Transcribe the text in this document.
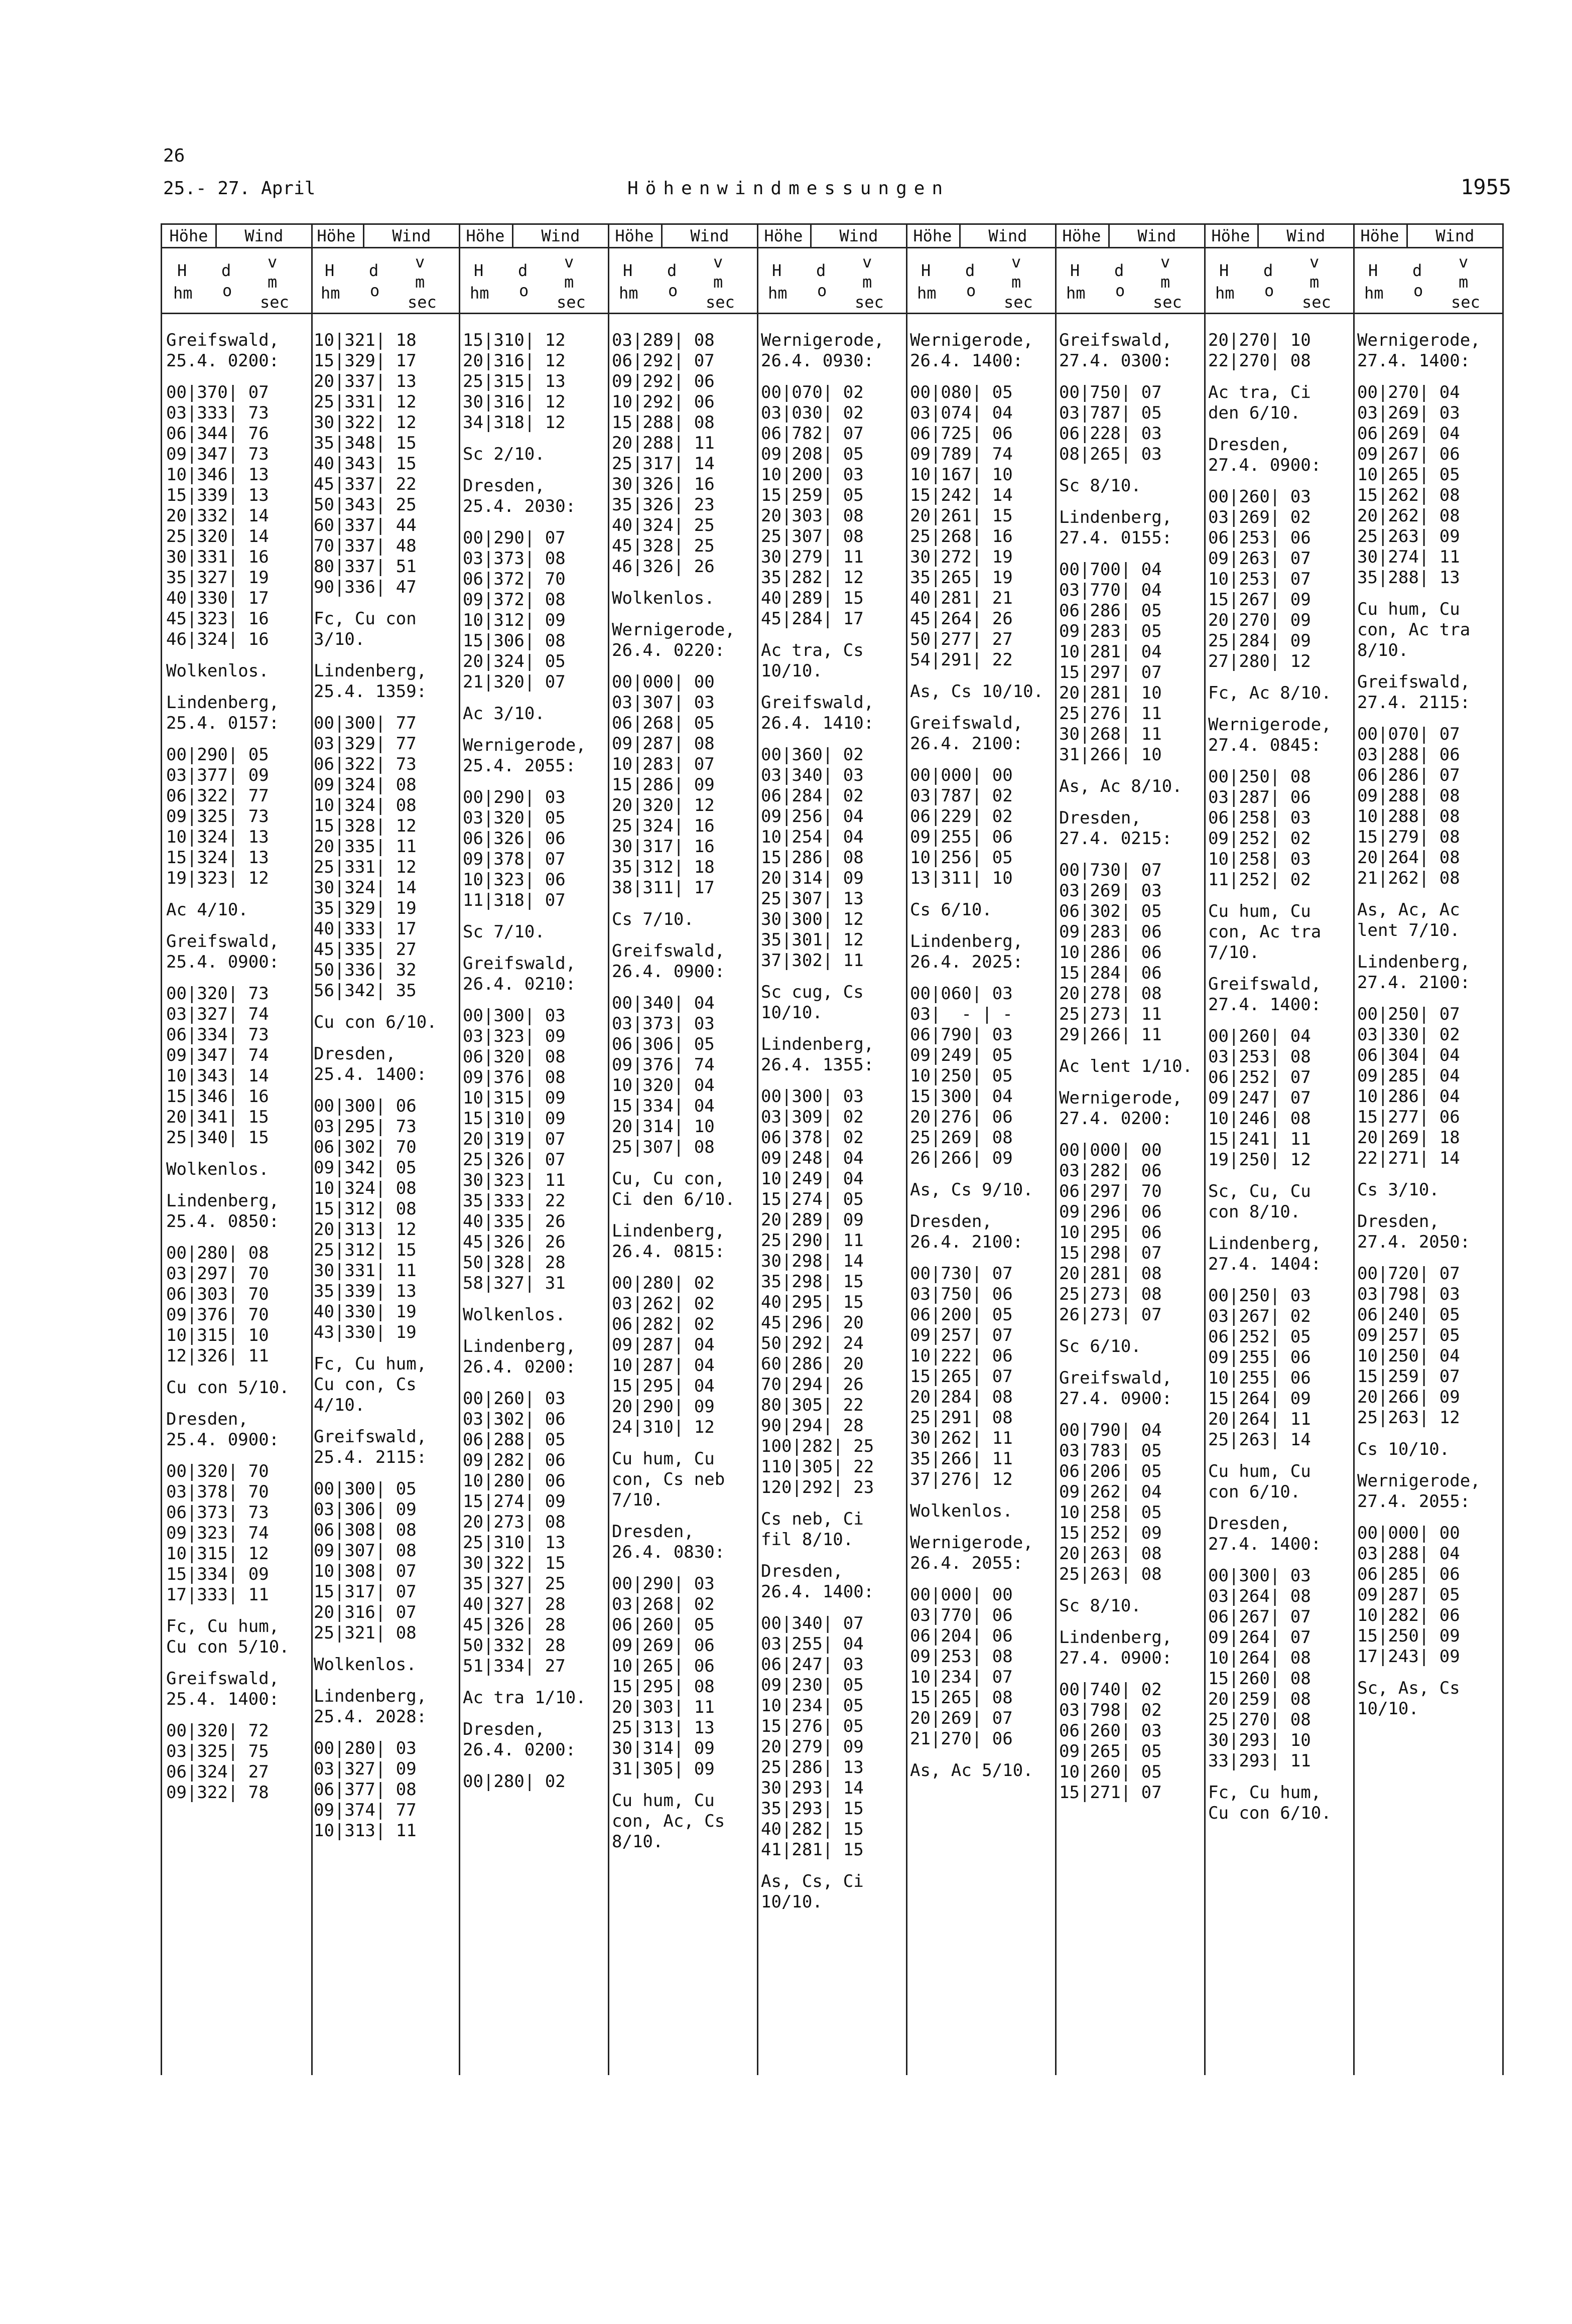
26
25.- 27. April	Höhenwindmessungen	1955
Höhe	Wind
H
hm
d
o
v
m
sec
Greifswald,
25.4. 0200:
00|370| 07
03|333| 73
06|344| 76
09|347| 73
10|346| 13
15|339| 13
20|332| 14
25|320| 14
30|331| 16
35|327| 19
40|330| 17
45|323| 16
46|324| 16
Wolkenlos.
Lindenberg,
25.4. 0157:
00|290| 05
03|377| 09
06|322| 77
09|325| 73
10|324| 13
15|324| 13
19|323| 12
Ac 4/10.
Greifswald,
25.4. 0900:
00|320| 73
03|327| 74
06|334| 73
09|347| 74
10|343| 14
15|346| 16
20|341| 15
25|340| 15
Wolkenlos.
Lindenberg,
25.4. 0850:
00|280| 08
03|297| 70
06|303| 70
09|376| 70
10|315| 10
12|326| 11
Cu con 5/10.
Dresden,
25.4. 0900:
00|320| 70
03|378| 70
06|373| 73
09|323| 74
10|315| 12
15|334| 09
17|333| 11
Fc, Cu hum,
Cu con 5/10.
Greifswald,
25.4. 1400:
00|320| 72
03|325| 75
06|324| 27
09|322| 78
Höhe	Wind
H
hm
d
o
v
m
sec
10|321| 18
15|329| 17
20|337| 13
25|331| 12
30|322| 12
35|348| 15
40|343| 15
45|337| 22
50|343| 25
60|337| 44
70|337| 48
80|337| 51
90|336| 47
Fc, Cu con
3/10.
Lindenberg,
25.4. 1359:
00|300| 77
03|329| 77
06|322| 73
09|324| 08
10|324| 08
15|328| 12
20|335| 11
25|331| 12
30|324| 14
35|329| 19
40|333| 17
45|335| 27
50|336| 32
56|342| 35
Cu con 6/10.
Dresden,
25.4. 1400:
00|300| 06
03|295| 73
06|302| 70
09|342| 05
10|324| 08
15|312| 08
20|313| 12
25|312| 15
30|331| 11
35|339| 13
40|330| 19
43|330| 19
Fc, Cu hum,
Cu con, Cs
4/10.
Greifswald,
25.4. 2115:
00|300| 05
03|306| 09
06|308| 08
09|307| 08
10|308| 07
15|317| 07
20|316| 07
25|321| 08
Wolkenlos.
Lindenberg,
25.4. 2028:
00|280| 03
03|327| 09
06|377| 08
09|374| 77
10|313| 11
Höhe	Wind
H
hm
d
o
v
m
sec
15|310| 12
20|316| 12
25|315| 13
30|316| 12
34|318| 12
Sc 2/10.
Dresden,
25.4. 2030:
00|290| 07
03|373| 08
06|372| 70
09|372| 08
10|312| 09
15|306| 08
20|324| 05
21|320| 07
Ac 3/10.
Wernigerode,
25.4. 2055:
00|290| 03
03|320| 05
06|326| 06
09|378| 07
10|323| 06
11|318| 07
Sc 7/10.
Greifswald,
26.4. 0210:
00|300| 03
03|323| 09
06|320| 08
09|376| 08
10|315| 09
15|310| 09
20|319| 07
25|326| 07
30|323| 11
35|333| 22
40|335| 26
45|326| 26
50|328| 28
58|327| 31
Wolkenlos.
Lindenberg,
26.4. 0200:
00|260| 03
03|302| 06
06|288| 05
09|282| 06
10|280| 06
15|274| 09
20|273| 08
25|310| 13
30|322| 15
35|327| 25
40|327| 28
45|326| 28
50|332| 28
51|334| 27
Ac tra 1/10.
Dresden,
26.4. 0200:
00|280| 02
Höhe	Wind
H
hm
d
o
v
m
sec
03|289| 08
06|292| 07
09|292| 06
10|292| 06
15|288| 08
20|288| 11
25|317| 14
30|326| 16
35|326| 23
40|324| 25
45|328| 25
46|326| 26
Wolkenlos.
Wernigerode,
26.4. 0220:
00|000| 00
03|307| 03
06|268| 05
09|287| 08
10|283| 07
15|286| 09
20|320| 12
25|324| 16
30|317| 16
35|312| 18
38|311| 17
Cs 7/10.
Greifswald,
26.4. 0900:
00|340| 04
03|373| 03
06|306| 05
09|376| 74
10|320| 04
15|334| 04
20|314| 10
25|307| 08
Cu, Cu con,
Ci den 6/10.
Lindenberg,
26.4. 0815:
00|280| 02
03|262| 02
06|282| 02
09|287| 04
10|287| 04
15|295| 04
20|290| 09
24|310| 12
Cu hum, Cu
con, Cs neb
7/10.
Dresden,
26.4. 0830:
00|290| 03
03|268| 02
06|260| 05
09|269| 06
10|265| 06
15|295| 08
20|303| 11
25|313| 13
30|314| 09
31|305| 09
Cu hum, Cu
con, Ac, Cs
8/10.
Höhe	Wind
H
hm
d
o
v
m
sec
Wernigerode,
26.4. 0930:
00|070| 02
03|030| 02
06|782| 07
09|208| 05
10|200| 03
15|259| 05
20|303| 08
25|307| 08
30|279| 11
35|282| 12
40|289| 15
45|284| 17
Ac tra, Cs
10/10.
Greifswald,
26.4. 1410:
00|360| 02
03|340| 03
06|284| 02
09|256| 04
10|254| 04
15|286| 08
20|314| 09
25|307| 13
30|300| 12
35|301| 12
37|302| 11
Sc cug, Cs
10/10.
Lindenberg,
26.4. 1355:
00|300| 03
03|309| 02
06|378| 02
09|248| 04
10|249| 04
15|274| 05
20|289| 09
25|290| 11
30|298| 14
35|298| 15
40|295| 15
45|296| 20
50|292| 24
60|286| 20
70|294| 26
80|305| 22
90|294| 28
100|282| 25
110|305| 22
120|292| 23
Cs neb, Ci
fil 8/10.
Dresden,
26.4. 1400:
00|340| 07
03|255| 04
06|247| 03
09|230| 05
10|234| 05
15|276| 05
20|279| 09
25|286| 13
30|293| 14
35|293| 15
40|282| 15
41|281| 15
As, Cs, Ci
10/10.
Höhe	Wind
H
hm
d
o
v
m
sec
Wernigerode,
26.4. 1400:
00|080| 05
03|074| 04
06|725| 06
09|789| 74
10|167| 10
15|242| 14
20|261| 15
25|268| 16
30|272| 19
35|265| 19
40|281| 21
45|264| 26
50|277| 27
54|291| 22
As, Cs 10/10.
Greifswald,
26.4. 2100:
00|000| 00
03|787| 02
06|229| 02
09|255| 06
10|256| 05
13|311| 10
Cs 6/10.
Lindenberg,
26.4. 2025:
00|060| 03
03|  - | -
06|790| 03
09|249| 05
10|250| 05
15|300| 04
20|276| 06
25|269| 08
26|266| 09
As, Cs 9/10.
Dresden,
26.4. 2100:
00|730| 07
03|750| 06
06|200| 05
09|257| 07
10|222| 06
15|265| 07
20|284| 08
25|291| 08
30|262| 11
35|266| 11
37|276| 12
Wolkenlos.
Wernigerode,
26.4. 2055:
00|000| 00
03|770| 06
06|204| 06
09|253| 08
10|234| 07
15|265| 08
20|269| 07
21|270| 06
As, Ac 5/10.
Höhe	Wind
H
hm
d
o
v
m
sec
Greifswald,
27.4. 0300:
00|750| 07
03|787| 05
06|228| 03
08|265| 03
Sc 8/10.
Lindenberg,
27.4. 0155:
00|700| 04
03|770| 04
06|286| 05
09|283| 05
10|281| 04
15|297| 07
20|281| 10
25|276| 11
30|268| 11
31|266| 10
As, Ac 8/10.
Dresden,
27.4. 0215:
00|730| 07
03|269| 03
06|302| 05
09|283| 06
10|286| 06
15|284| 06
20|278| 08
25|273| 11
29|266| 11
Ac lent 1/10.
Wernigerode,
27.4. 0200:
00|000| 00
03|282| 06
06|297| 70
09|296| 06
10|295| 06
15|298| 07
20|281| 08
25|273| 08
26|273| 07
Sc 6/10.
Greifswald,
27.4. 0900:
00|790| 04
03|783| 05
06|206| 05
09|262| 04
10|258| 05
15|252| 09
20|263| 08
25|263| 08
Sc 8/10.
Lindenberg,
27.4. 0900:
00|740| 02
03|798| 02
06|260| 03
09|265| 05
10|260| 05
15|271| 07
Höhe	Wind
H
hm
d
o
v
m
sec
20|270| 10
22|270| 08
Ac tra, Ci
den 6/10.
Dresden,
27.4. 0900:
00|260| 03
03|269| 02
06|253| 06
09|263| 07
10|253| 07
15|267| 09
20|270| 09
25|284| 09
27|280| 12
Fc, Ac 8/10.
Wernigerode,
27.4. 0845:
00|250| 08
03|287| 06
06|258| 03
09|252| 02
10|258| 03
11|252| 02
Cu hum, Cu
con, Ac tra
7/10.
Greifswald,
27.4. 1400:
00|260| 04
03|253| 08
06|252| 07
09|247| 07
10|246| 08
15|241| 11
19|250| 12
Sc, Cu, Cu
con 8/10.
Lindenberg,
27.4. 1404:
00|250| 03
03|267| 02
06|252| 05
09|255| 06
10|255| 06
15|264| 09
20|264| 11
25|263| 14
Cu hum, Cu
con 6/10.
Dresden,
27.4. 1400:
00|300| 03
03|264| 08
06|267| 07
09|264| 07
10|264| 08
15|260| 08
20|259| 08
25|270| 08
30|293| 10
33|293| 11
Fc, Cu hum,
Cu con 6/10.
Höhe	Wind
H
hm
d
o
v
m
sec
Wernigerode,
27.4. 1400:
00|270| 04
03|269| 03
06|269| 04
09|267| 06
10|265| 05
15|262| 08
20|262| 08
25|263| 09
30|274| 11
35|288| 13
Cu hum, Cu
con, Ac tra
8/10.
Greifswald,
27.4. 2115:
00|070| 07
03|288| 06
06|286| 07
09|288| 08
10|288| 08
15|279| 08
20|264| 08
21|262| 08
As, Ac, Ac
lent 7/10.
Lindenberg,
27.4. 2100:
00|250| 07
03|330| 02
06|304| 04
09|285| 04
10|286| 04
15|277| 06
20|269| 18
22|271| 14
Cs 3/10.
Dresden,
27.4. 2050:
00|720| 07
03|798| 03
06|240| 05
09|257| 05
10|250| 04
15|259| 07
20|266| 09
25|263| 12
Cs 10/10.
Wernigerode,
27.4. 2055:
00|000| 00
03|288| 04
06|285| 06
09|287| 05
10|282| 06
15|250| 09
17|243| 09
Sc, As, Cs
10/10.
